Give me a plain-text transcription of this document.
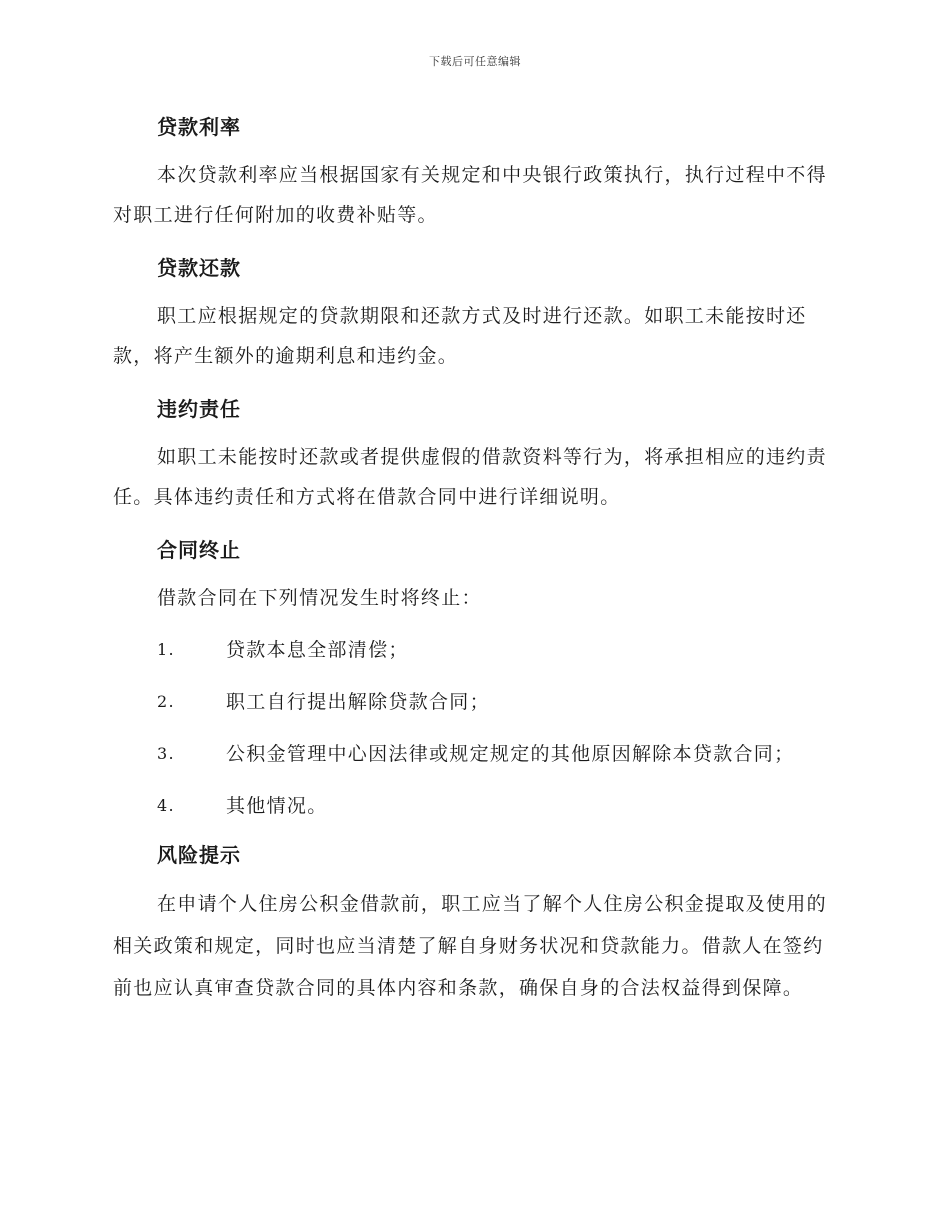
下载后可任意编辑
贷款利率

本次贷款利率应当根据国家有关规定和中央银行政策执行，执行过程中不得对职工进行任何附加的收费补贴等。

贷款还款

职工应根据规定的贷款期限和还款方式及时进行还款。如职工未能按时还款，将产生额外的逾期利息和违约金。

违约责任

如职工未能按时还款或者提供虚假的借款资料等行为，将承担相应的违约责任。具体违约责任和方式将在借款合同中进行详细说明。

合同终止

借款合同在下列情况发生时将终止：

1.	贷款本息全部清偿；
2.	职工自行提出解除贷款合同；
3.	公积金管理中心因法律或规定规定的其他原因解除本贷款合同；
4.	其他情况。
风险提示

在申请个人住房公积金借款前，职工应当了解个人住房公积金提取及使用的相关政策和规定，同时也应当清楚了解自身财务状况和贷款能力。借款人在签约前也应认真审查贷款合同的具体内容和条款，确保自身的合法权益得到保障。
